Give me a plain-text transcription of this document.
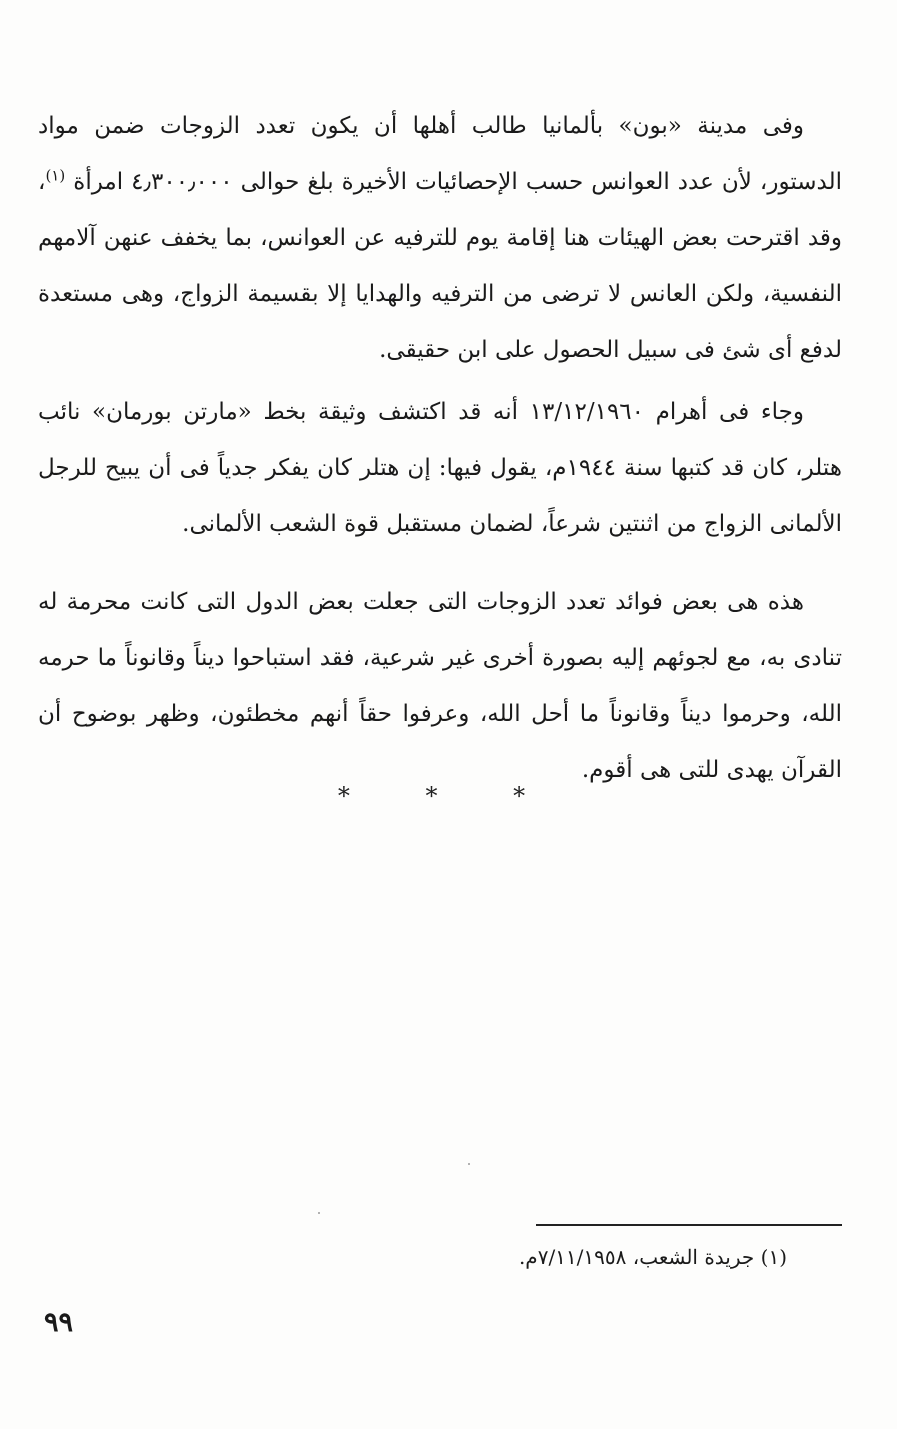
وفى مدينة «بون» بألمانيا طالب أهلها أن يكون تعدد الزوجات ضمن مواد الدستور، لأن عدد العوانس حسب الإحصائيات الأخيرة بلغ حوالى ٤٫٣٠٠٫٠٠٠ امرأة $^{(١)}$، وقد اقترحت بعض الهيئات هنا إقامة يوم للترفيه عن العوانس، بما يخفف عنهن آلامهم النفسية، ولكن العانس لا ترضى من الترفيه والهدايا إلا بقسيمة الزواج، وهى مستعدة لدفع أى شئ فى سبيل الحصول على ابن حقيقى.

وجاء فى أهرام ١٣/١٢/١٩٦٠ أنه قد اكتشف وثيقة بخط «مارتن بورمان» نائب هتلر، كان قد كتبها سنة ١٩٤٤م، يقول فيها: إن هتلر كان يفكر جدياً فى أن يبيح للرجل الألمانى الزواج من اثنتين شرعاً، لضمان مستقبل قوة الشعب الألمانى.

هذه هى بعض فوائد تعدد الزوجات التى جعلت بعض الدول التى كانت محرمة له تنادى به، مع لجوئهم إليه بصورة أخرى غير شرعية، فقد استباحوا ديناً وقانوناً ما حرمه الله، وحرموا ديناً وقانوناً ما أحل الله، وعرفوا حقاً أنهم مخطئون، وظهر بوضوح أن القرآن يهدى للتى هى أقوم.

* * *
(١) جريدة الشعب، ٧/١١/١٩٥٨م.
٩٩
